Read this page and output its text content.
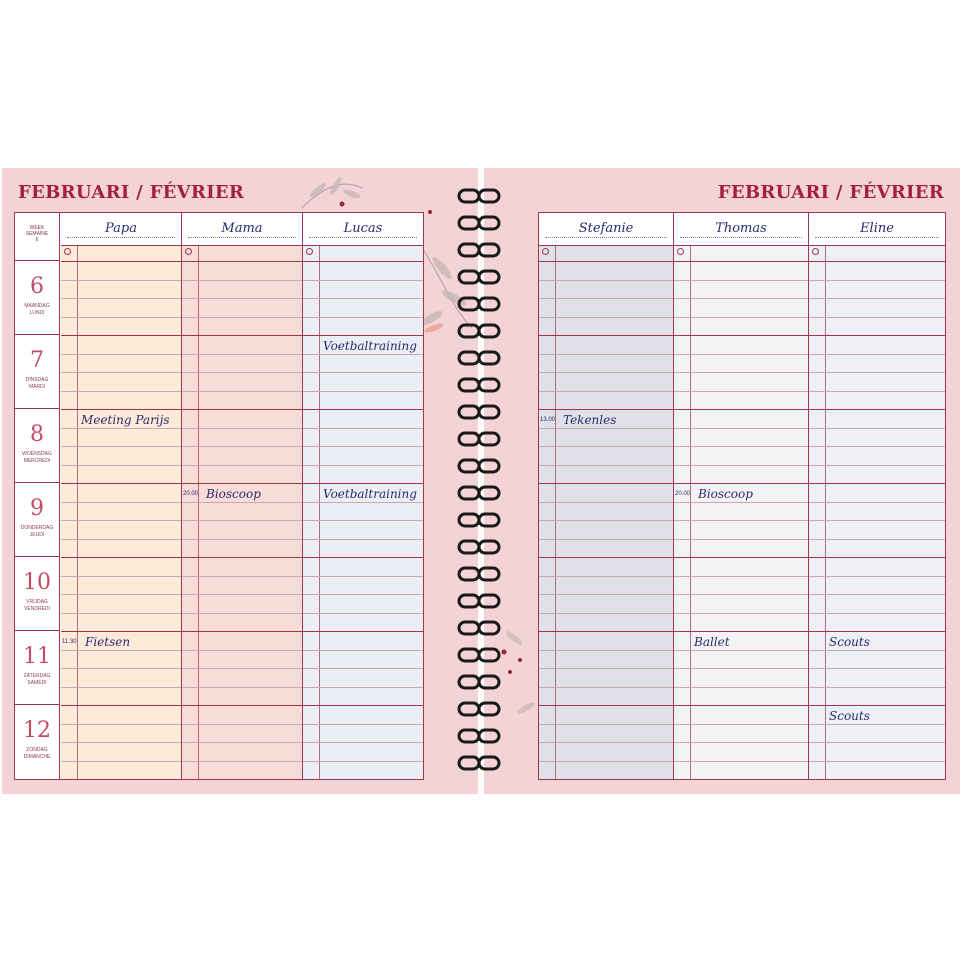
FEBRUARI / FÉVRIER
WEEK
SEMAINE
6
Papa
Meeting Parijs
11.30 Fietsen
Mama
20.00 Bioscoop
Lucas
Voetbaltraining
Voetbaltraining
6
MAANDAG
LUNDI
7
DINSDAG
MARDI
8
WOENSDAG
MERCREDI
9
DONDERDAG
JEUDI
10
VRIJDAG
VENDREDI
11
ZATERDAG
SAMEDI
12
ZONDAG
DIMANCHE
FEBRUARI / FÉVRIER
Stefanie
13.00 Tekenles
Thomas
20.00 Bioscoop
Ballet
Eline
Scouts
Scouts
